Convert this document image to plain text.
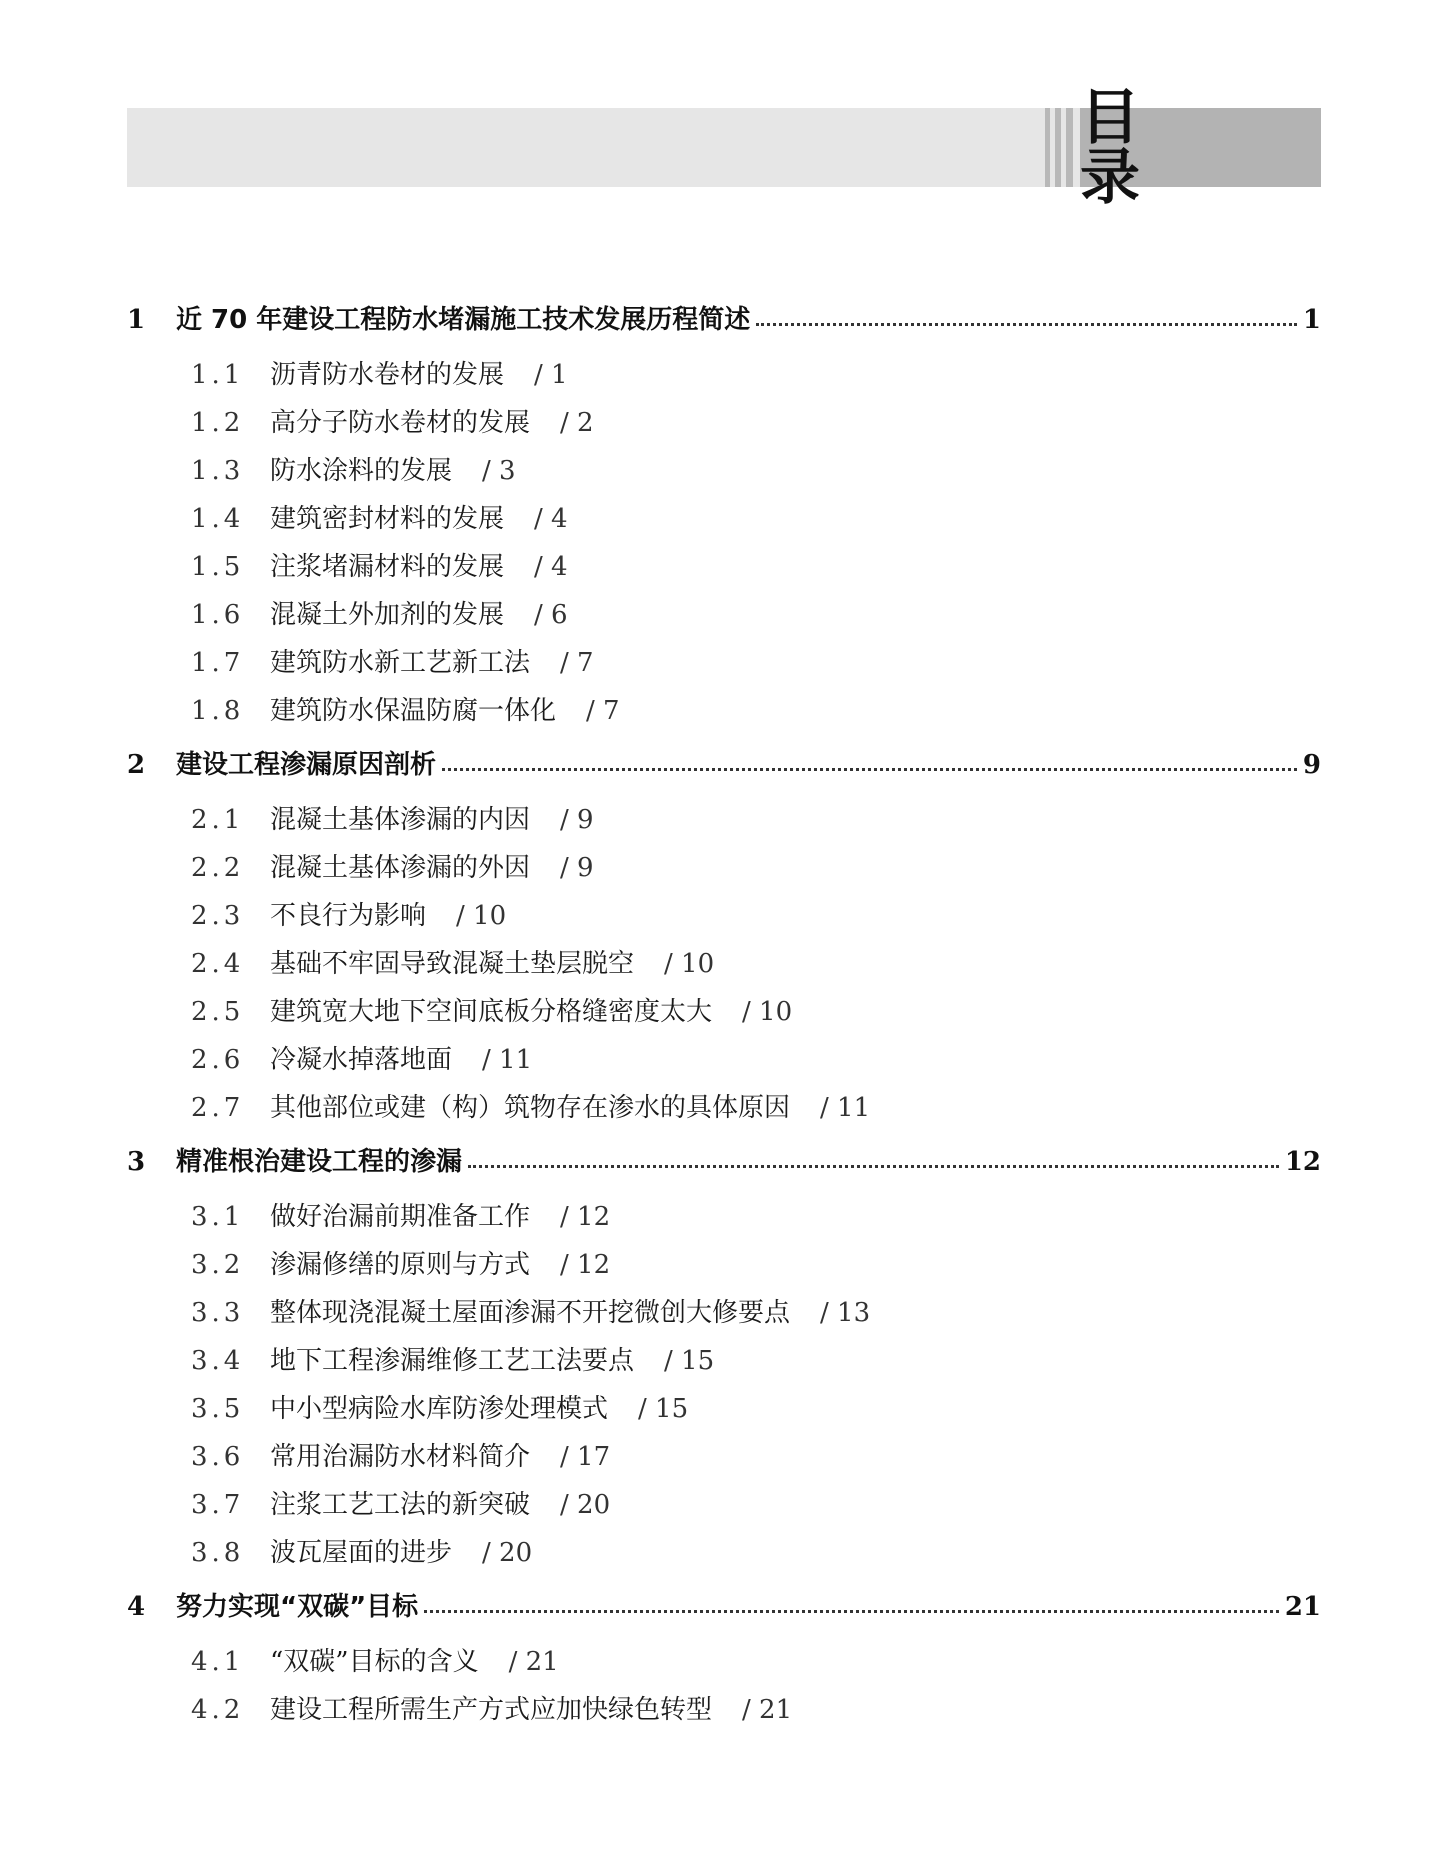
目 录
1	近 70 年建设工程防水堵漏施工技术发展历程简述	1
1.1 沥青防水卷材的发展 / 1
1.2 高分子防水卷材的发展 / 2
1.3 防水涂料的发展 / 3
1.4 建筑密封材料的发展 / 4
1.5 注浆堵漏材料的发展 / 4
1.6 混凝土外加剂的发展 / 6
1.7 建筑防水新工艺新工法 / 7
1.8 建筑防水保温防腐一体化 / 7
2	建设工程渗漏原因剖析	9
2.1 混凝土基体渗漏的内因 / 9
2.2 混凝土基体渗漏的外因 / 9
2.3 不良行为影响 / 10
2.4 基础不牢固导致混凝土垫层脱空 / 10
2.5 建筑宽大地下空间底板分格缝密度太大 / 10
2.6 冷凝水掉落地面 / 11
2.7 其他部位或建（构）筑物存在渗水的具体原因 / 11
3	精准根治建设工程的渗漏	12
3.1 做好治漏前期准备工作 / 12
3.2 渗漏修缮的原则与方式 / 12
3.3 整体现浇混凝土屋面渗漏不开挖微创大修要点 / 13
3.4 地下工程渗漏维修工艺工法要点 / 15
3.5 中小型病险水库防渗处理模式 / 15
3.6 常用治漏防水材料简介 / 17
3.7 注浆工艺工法的新突破 / 20
3.8 波瓦屋面的进步 / 20
4	努力实现“双碳”目标	21
4.1 “双碳”目标的含义 / 21
4.2 建设工程所需生产方式应加快绿色转型 / 21
